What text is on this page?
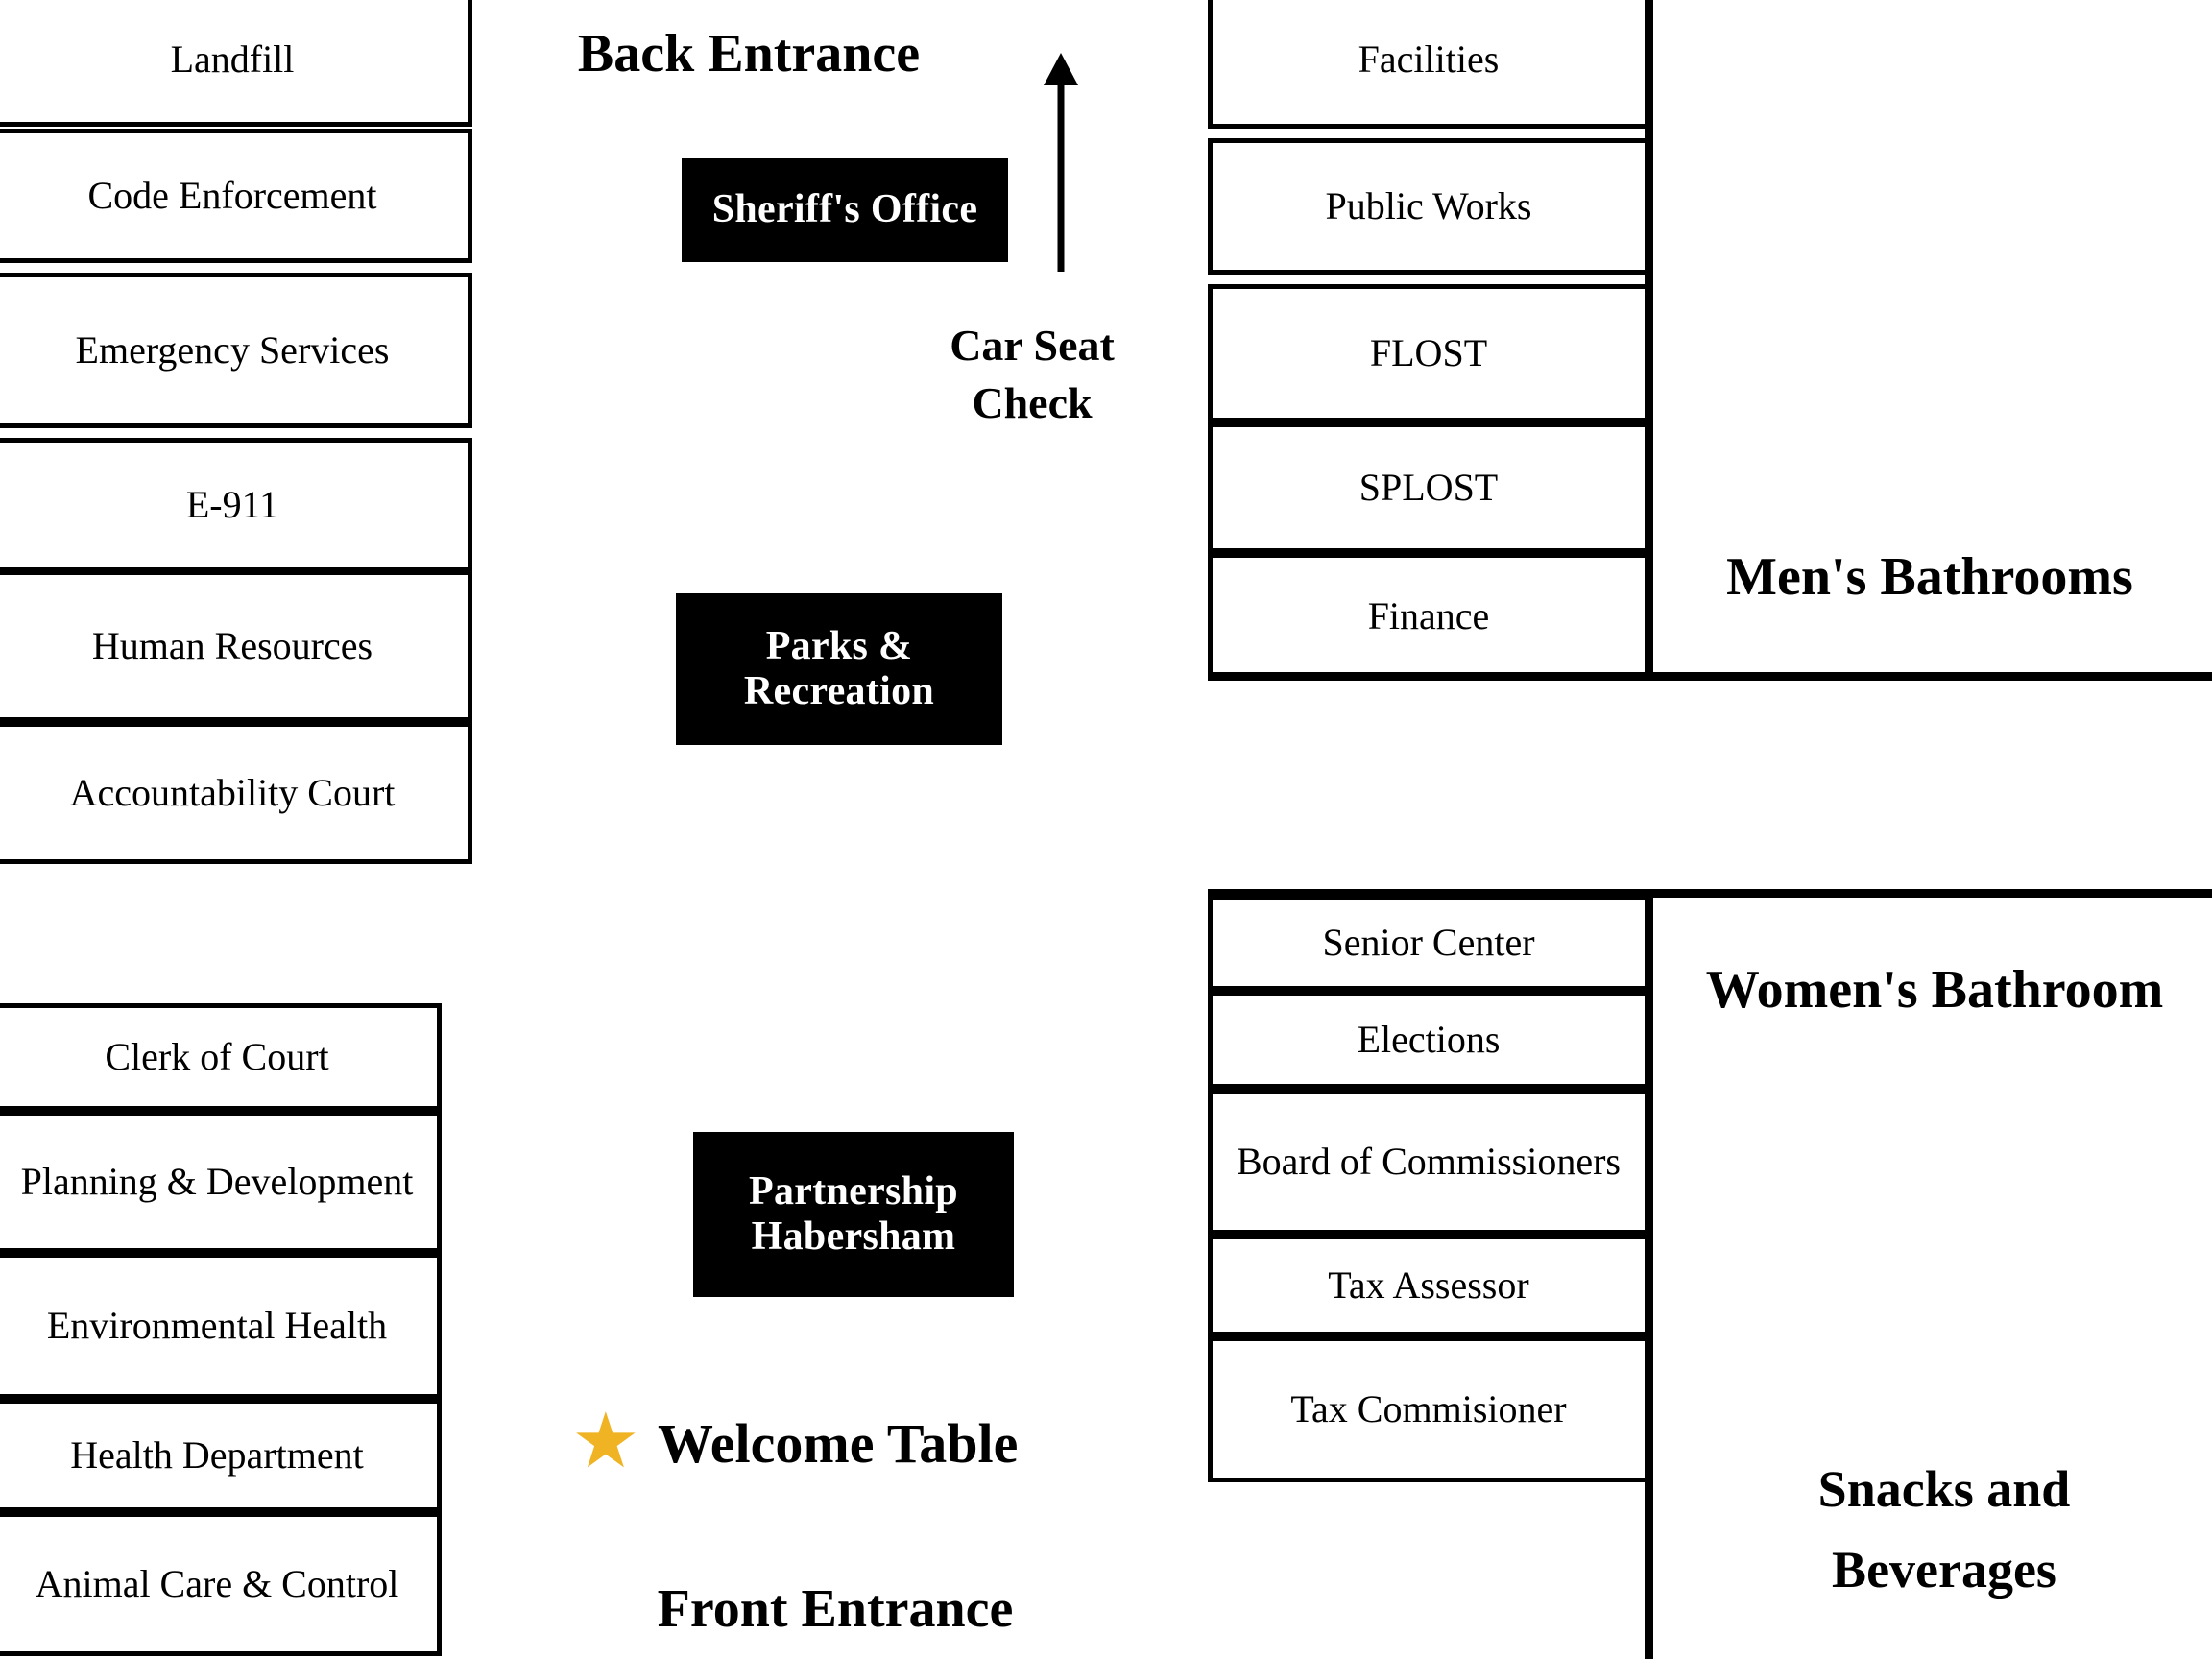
Landfill
Code Enforcement
Emergency Services
E-911
Human Resources
Accountability Court
Clerk of Court
Planning & Development
Environmental Health
Health Department
Animal Care & Control
Facilities
Public Works
FLOST
SPLOST
Finance
Senior Center
Elections
Board of Commissioners
Tax Assessor
Tax Commisioner
Sheriff's Office
Parks & Recreation
Partnership Habersham
Back Entrance
Car Seat Check
Men's Bathrooms
Women's Bathroom
Snacks and Beverages
★ Welcome Table
Front Entrance
